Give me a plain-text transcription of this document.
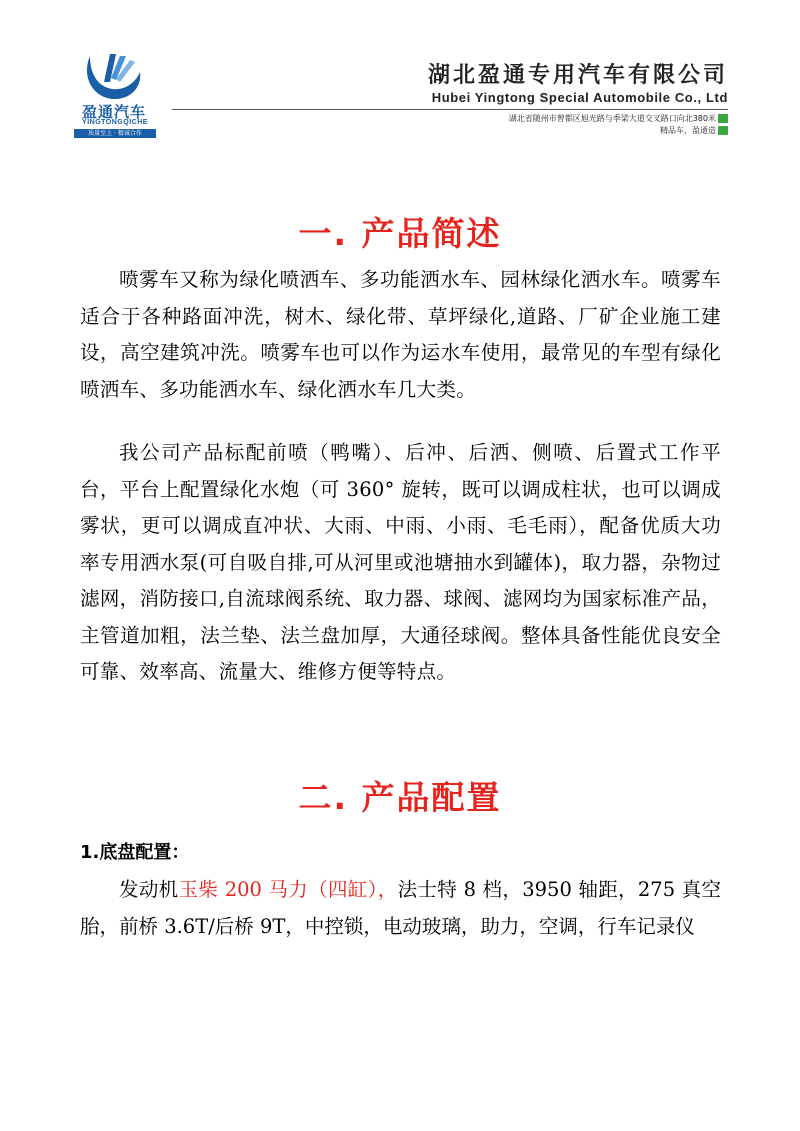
盈通汽车
YINGTONGQICHE
质量至上 · 精诚合作
湖北盈通专用汽车有限公司
Hubei Yingtong Special Automobile Co., Ltd
湖北省随州市曾都区旭光路与季梁大道交叉路口向北380米
精品车，盈通造
一. 产品简述

喷雾车又称为绿化喷洒车、多功能洒水车、园林绿化洒水车。喷雾车适合于各种路面冲洗，树木、绿化带、草坪绿化,道路、厂矿企业施工建设，高空建筑冲洗。喷雾车也可以作为运水车使用，最常见的车型有绿化喷洒车、多功能洒水车、绿化洒水车几大类。

我公司产品标配前喷（鸭嘴）、后冲、后洒、侧喷、后置式工作平台，平台上配置绿化水炮（可 360° 旋转，既可以调成柱状，也可以调成雾状，更可以调成直冲状、大雨、中雨、小雨、毛毛雨），配备优质大功率专用洒水泵(可自吸自排,可从河里或池塘抽水到罐体)，取力器，杂物过滤网，消防接口,自流球阀系统、取力器、球阀、滤网均为国家标准产品，主管道加粗，法兰垫、法兰盘加厚，大通径球阀。整体具备性能优良安全可靠、效率高、流量大、维修方便等特点。

二. 产品配置
1.底盘配置：

发动机玉柴 200 马力（四缸），法士特 8 档，3950 轴距，275 真空胎，前桥 3.6T/后桥 9T，中控锁，电动玻璃，助力，空调，行车记录仪
